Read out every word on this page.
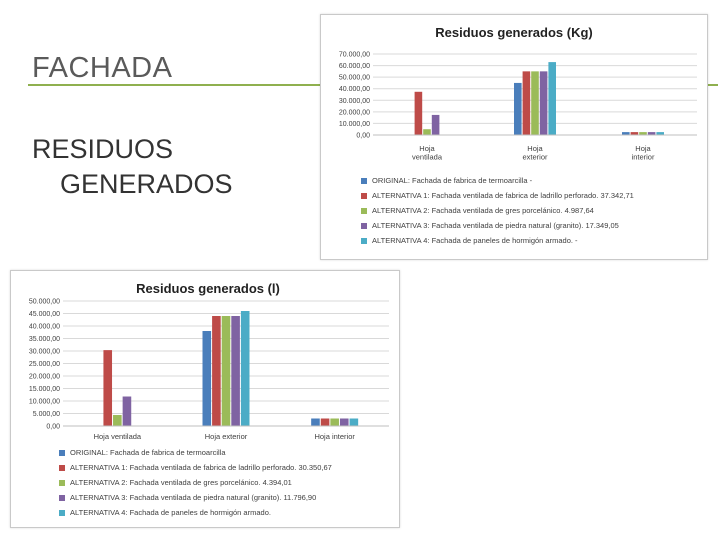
FACHADA
RESIDUOS
GENERADOS
Residuos generados (Kg)
0,00
10.000,00
20.000,00
30.000,00
40.000,00
50.000,00
60.000,00
70.000,00
Hoja ventilada
Hoja exterior
Hoja interior
ORIGINAL: Fachada de fabrica de termoarcilla -
ALTERNATIVA 1: Fachada ventilada de fabrica de ladrillo perforado. 37.342,71
ALTERNATIVA 2: Fachada ventilada de gres porcelánico. 4.987,64
ALTERNATIVA 3: Fachada ventilada de piedra natural (granito). 17.349,05
ALTERNATIVA 4: Fachada de paneles de hormigón armado. -
Residuos generados (l)
0,00
5.000,00
10.000,00
15.000,00
20.000,00
25.000,00
30.000,00
35.000,00
40.000,00
45.000,00
50.000,00
Hoja ventilada	Hoja exterior	Hoja interior
ORIGINAL: Fachada de fabrica de termoarcilla
ALTERNATIVA 1: Fachada ventilada de fabrica de ladrillo perforado. 30.350,67
ALTERNATIVA 2: Fachada ventilada de gres porcelánico. 4.394,01
ALTERNATIVA 3: Fachada ventilada de piedra natural (granito). 11.796,90
ALTERNATIVA 4: Fachada de paneles de hormigón armado.
